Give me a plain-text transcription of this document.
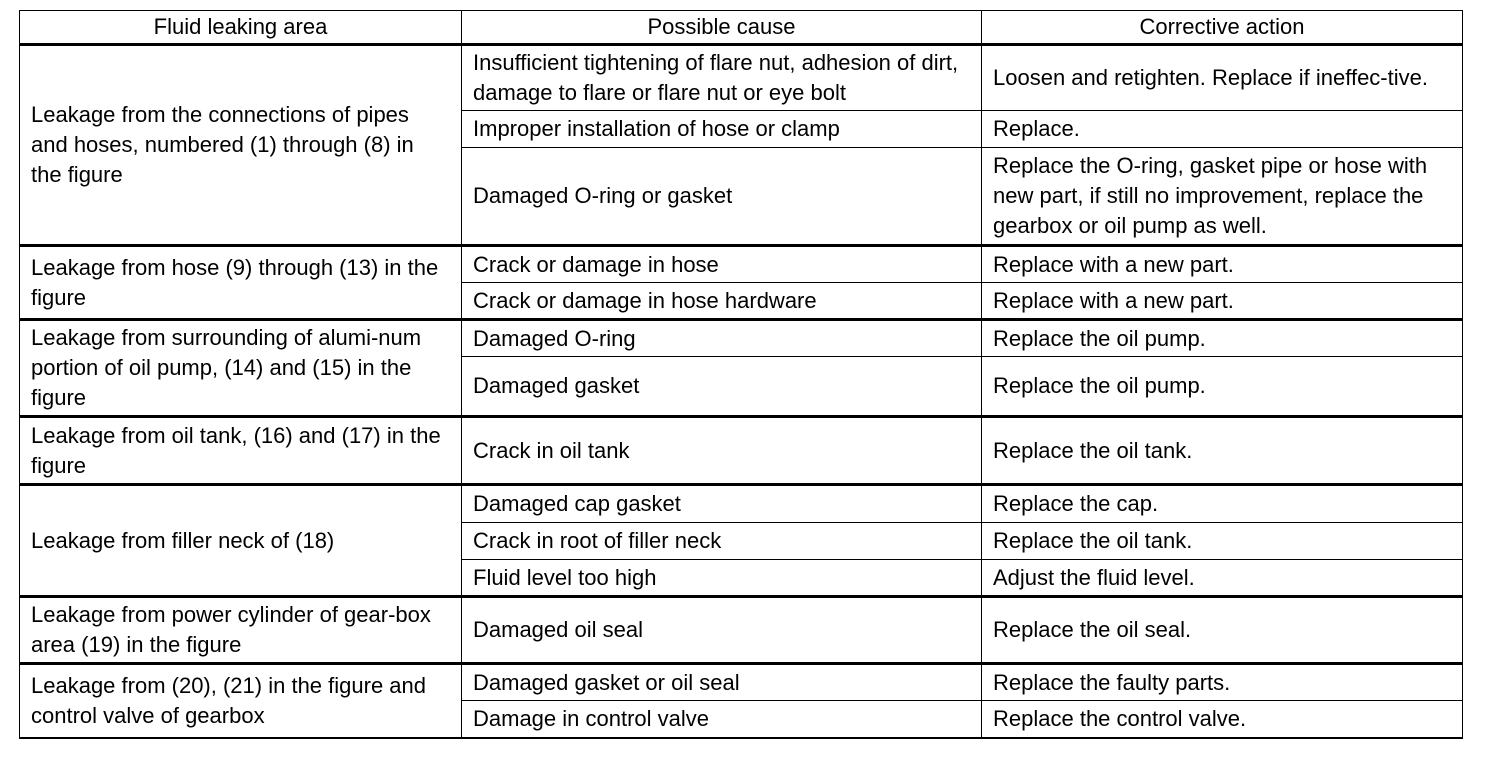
Fluid leaking area	Possible cause	Corrective action
Leakage from the connections of pipes and hoses, numbered (1) through (8) in the figure	Insufficient tightening of flare nut, adhesion of dirt, damage to flare or flare nut or eye bolt	Loosen and retighten. Replace if ineffec-tive.
	Improper installation of hose or clamp	Replace.
	Damaged O-ring or gasket	Replace the O-ring, gasket pipe or hose with new part, if still no improvement, replace the gearbox or oil pump as well.
Leakage from hose (9) through (13) in the figure	Crack or damage in hose	Replace with a new part.
	Crack or damage in hose hardware	Replace with a new part.
Leakage from surrounding of alumi-num portion of oil pump, (14) and (15) in the figure	Damaged O-ring	Replace the oil pump.
	Damaged gasket	Replace the oil pump.
Leakage from oil tank, (16) and (17) in the figure	Crack in oil tank	Replace the oil tank.
Leakage from filler neck of (18)	Damaged cap gasket	Replace the cap.
	Crack in root of filler neck	Replace the oil tank.
	Fluid level too high	Adjust the fluid level.
Leakage from power cylinder of gear-box area (19) in the figure	Damaged oil seal	Replace the oil seal.
Leakage from (20), (21) in the figure and control valve of gearbox	Damaged gasket or oil seal	Replace the faulty parts.
	Damage in control valve	Replace the control valve.
